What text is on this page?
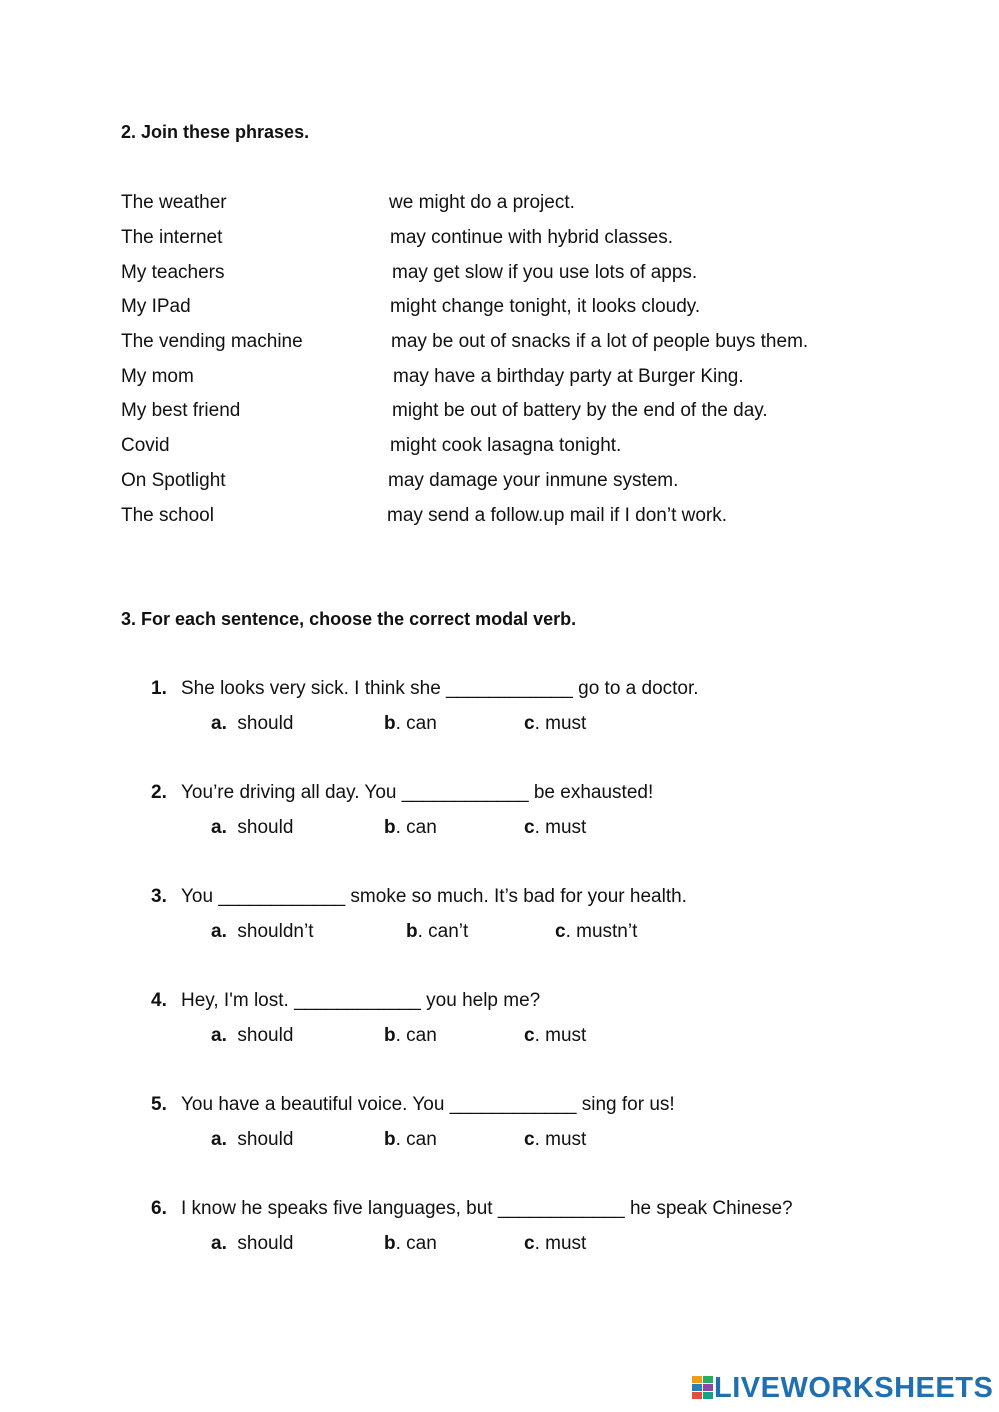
2. Join these phrases.
The weather	we might do a project.
The internet	may continue with hybrid classes.
My teachers	may get slow if you use lots of apps.
My IPad	might change tonight, it looks cloudy.
The vending machine	may be out of snacks if a lot of people buys them.
My mom	may have a birthday party at Burger King.
My best friend	might be out of battery by the end of the day.
Covid	might cook lasagna tonight.
On Spotlight	may damage your inmune system.
The school	may send a follow.up mail if I don’t work.
3. For each sentence, choose the correct modal verb.
1. She looks very sick. I think she ____________ go to a doctor.
a. should	b. can	c. must
2. You’re driving all day. You ____________ be exhausted!
a. should	b. can	c. must
3. You ____________ smoke so much. It’s bad for your health.
a. shouldn’t	b. can’t	c. mustn’t
4. Hey, I'm lost. ____________ you help me?
a. should	b. can	c. must
5. You have a beautiful voice. You ____________ sing for us!
a. should	b. can	c. must
6. I know he speaks five languages, but ____________ he speak Chinese?
a. should	b. can	c. must
LIVEWORKSHEETS
